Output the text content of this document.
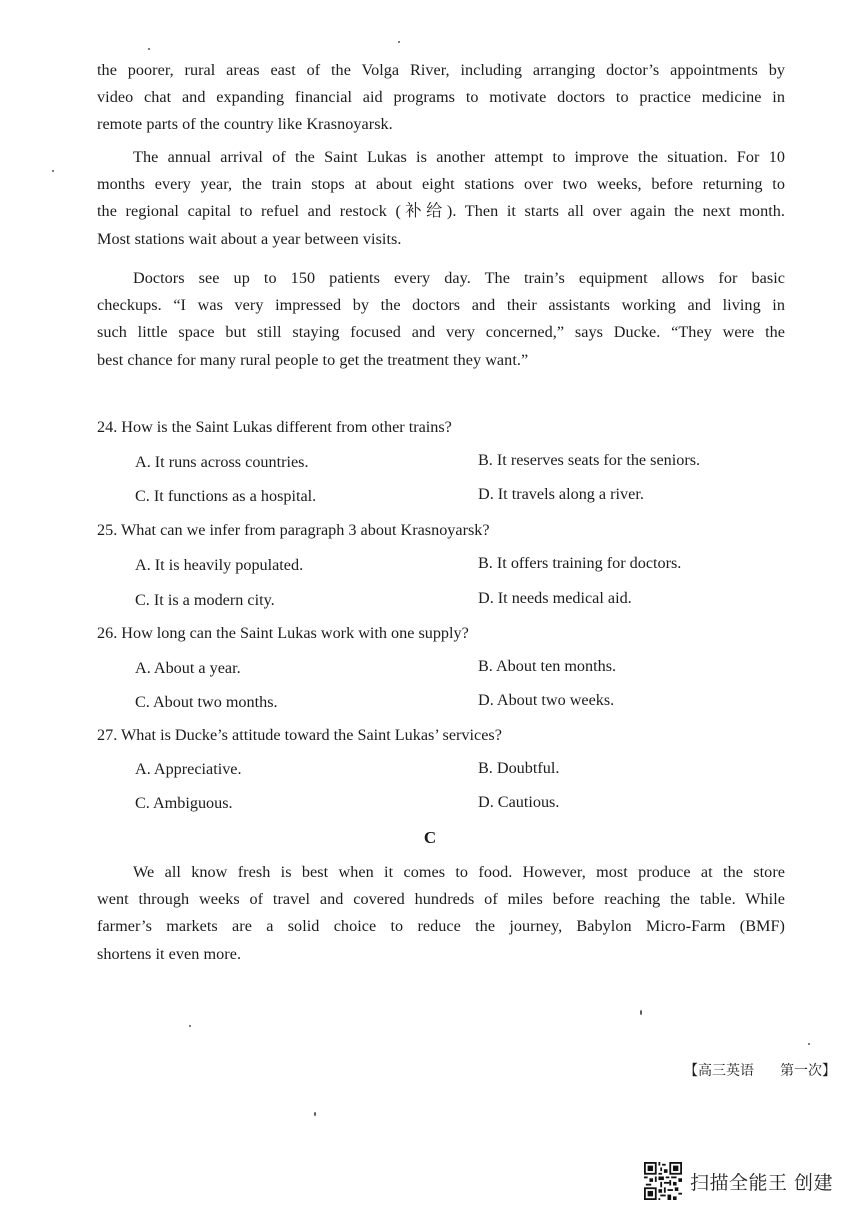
the poorer, rural areas east of the Volga River, including arranging doctor’s appointments by
video chat and expanding financial aid programs to motivate doctors to practice medicine in
remote parts of the country like Krasnoyarsk.

The annual arrival of the Saint Lukas is another attempt to improve the situation. For 10
months every year, the train stops at about eight stations over two weeks, before returning to
the regional capital to refuel and restock (补给). Then it starts all over again the next month.
Most stations wait about a year between visits.

Doctors see up to 150 patients every day. The train’s equipment allows for basic
checkups. “I was very impressed by the doctors and their assistants working and living in
such little space but still staying focused and very concerned,” says Ducke. “They were the
best chance for many rural people to get the treatment they want.”

24. How is the Saint Lukas different from other trains?
A. It runs across countries.	B. It reserves seats for the seniors.
C. It functions as a hospital.	D. It travels along a river.
25. What can we infer from paragraph 3 about Krasnoyarsk?
A. It is heavily populated.	B. It offers training for doctors.
C. It is a modern city.	D. It needs medical aid.
26. How long can the Saint Lukas work with one supply?
A. About a year.	B. About ten months.
C. About two months.	D. About two weeks.
27. What is Ducke’s attitude toward the Saint Lukas’ services?
A. Appreciative.	B. Doubtful.
C. Ambiguous.	D. Cautious.
C

We all know fresh is best when it comes to food. However, most produce at the store
went through weeks of travel and covered hundreds of miles before reaching the table. While
farmer’s markets are a solid choice to reduce the journey, Babylon Micro-Farm (BMF)
shortens it even more.

【高三英语 第一次】
扫描全能王 创建
